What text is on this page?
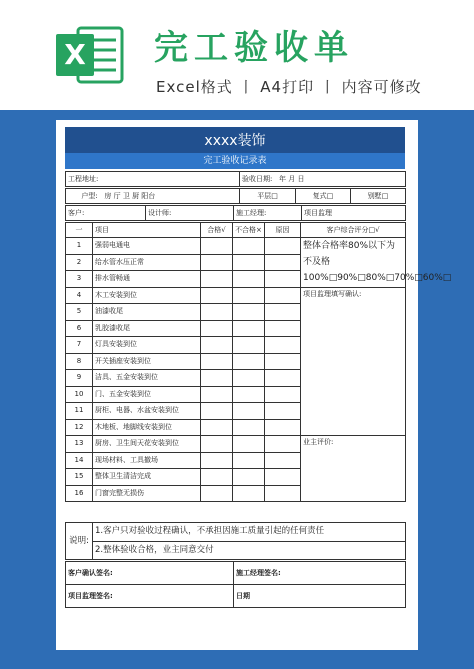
X 完工验收单
Excel格式 丨 A4打印 丨 内容可修改
xxxx装饰
完工验收记录表
工程地址:	验收日期: 年 月 日
户型: 房 厅 卫 厨 阳台	平层□	复式□	别墅□
客户:	设计师:	施工经理:	项目监理
一	项目	合格√	不合格×	原因	客户综合评分□√
1	强弱电通电				整体合格率80%以下为不及格100%□90%□80%□70%□60%□
2	给水管水压正常				
3	排水管畅通				
4	木工安装到位				项目监理填写确认:
5	油漆收尾				
6	乳胶漆收尾				
7	灯具安装到位				
8	开关插座安装到位				
9	洁具、五金安装到位				
10	门、五金安装到位				
11	厨柜、电器、水盆安装到位				
12	木地板、地脚线安装到位				
13	厨房、卫生间天花安装到位				业主评价:
14	现场材料、工具撤场				
15	整体卫生清洁完成				
16	门窗完整无损伤				
说明:	1.客户只对验收过程确认，不承担因施工质量引起的任何责任
2.整体验收合格，业主同意交付
客户确认签名:	施工经理签名:
项目监理签名:	日期
